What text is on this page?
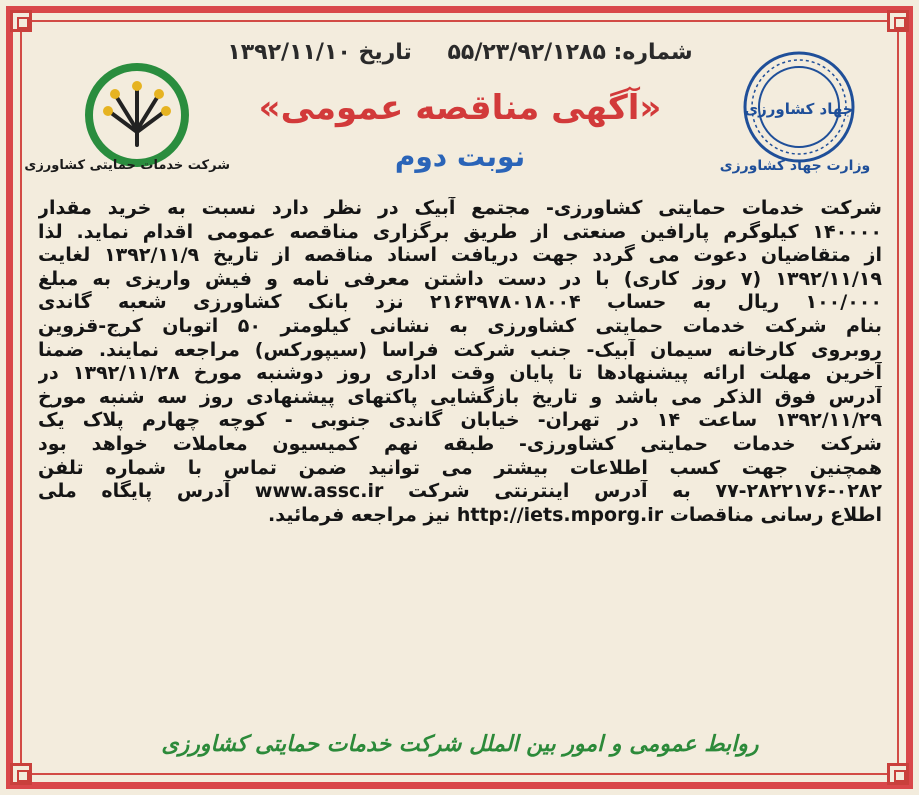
شماره: ۵۵/۲۳/۹۲/۱۲۸۵ تاریخ ۱۳۹۲/۱۱/۱۰
«آگهی مناقصه عمومی»
نوبت دوم
شرکت خدمات حمایتی کشاورزی
جهاد کشاورزی
وزارت جهاد کشاورزی
شرکت خدمات حمایتی کشاورزی- مجتمع آبیک در نظر دارد نسبت به خرید مقدار
۱۴۰۰۰۰ کیلوگرم پارافین صنعتی از طریق برگزاری مناقصه عمومی اقدام نماید. لذا
از متقاضیان دعوت می گردد جهت دریافت اسناد مناقصه از تاریخ ۱۳۹۲/۱۱/۹ لغایت
۱۳۹۲/۱۱/۱۹ (۷ روز کاری) با در دست داشتن معرفی نامه و فیش واریزی به مبلغ
۱۰۰/۰۰۰ ریال به حساب ۲۱۶۳۹۷۸۰۱۸۰۰۴ نزد بانک کشاورزی شعبه گاندی
بنام شرکت خدمات حمایتی کشاورزی به نشانی کیلومتر ۵۰ اتوبان کرج-قزوین
روبروی کارخانه سیمان آبیک- جنب شرکت فراسا (سیپورکس) مراجعه نمایند. ضمنا
آخرین مهلت ارائه پیشنهادها تا پایان وقت اداری روز دوشنبه مورخ ۱۳۹۲/۱۱/۲۸ در
آدرس فوق الذکر می باشد و تاریخ بازگشایی پاکتهای پیشنهادی روز سه شنبه مورخ
۱۳۹۲/۱۱/۲۹ ساعت ۱۴ در تهران- خیابان گاندی جنوبی - کوچه چهارم پلاک یک
شرکت خدمات حمایتی کشاورزی- طبقه نهم کمیسیون معاملات خواهد بود
همچنین جهت کسب اطلاعات بیشتر می توانید ضمن تماس با شماره تلفن
۷۷-۲۸۲۲۱۷۶-۰۲۸۲ به آدرس اینترنتی شرکت www.assc.ir آدرس پایگاه ملی
اطلاع رسانی مناقصات http://iets.mporg.ir نیز مراجعه فرمائید.
روابط عمومی و امور بین الملل شرکت خدمات حمایتی کشاورزی
